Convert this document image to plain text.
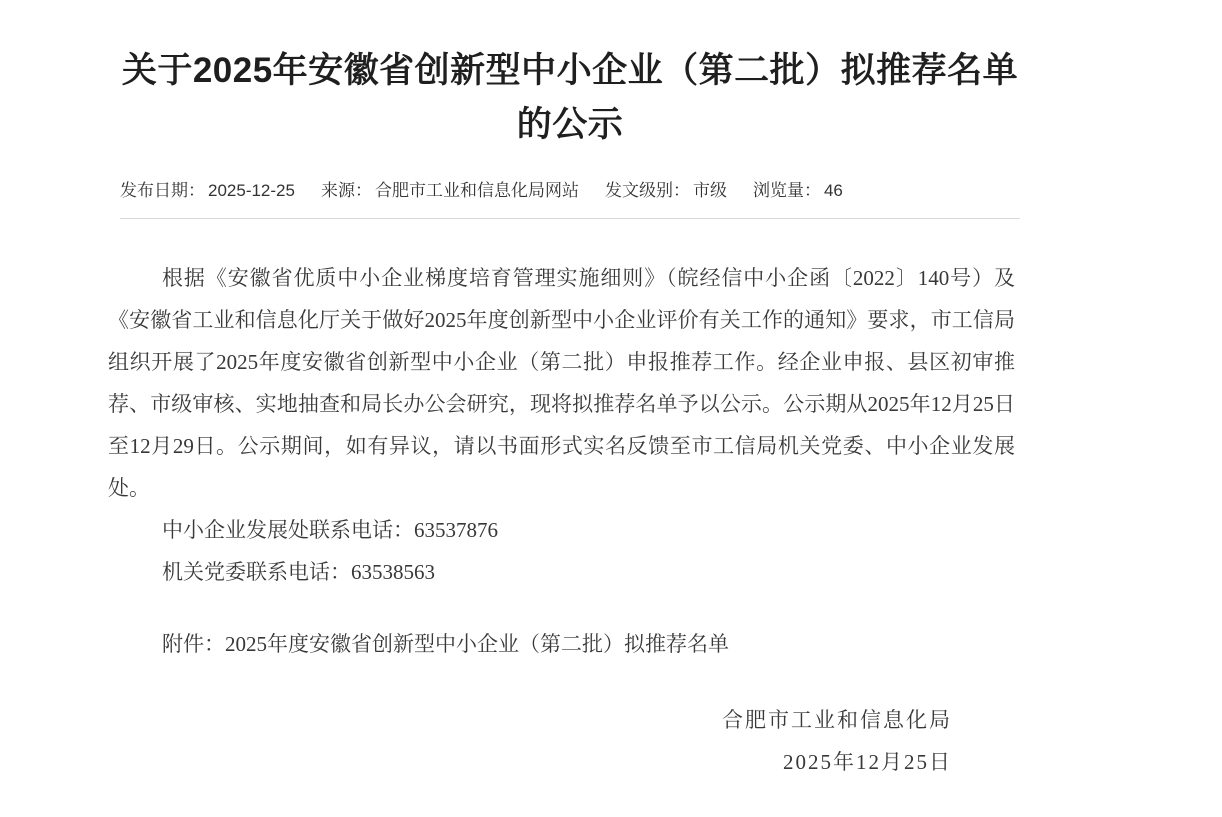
关于2025年安徽省创新型中小企业（第二批）拟推荐名单的公示
发布日期： 2025-12-25 来源： 合肥市工业和信息化局网站 发文级别： 市级 浏览量： 46

根据《安徽省优质中小企业梯度培育管理实施细则》（皖经信中小企函〔2022〕140号）及《安徽省工业和信息化厅关于做好2025年度创新型中小企业评价有关工作的通知》要求，市工信局组织开展了2025年度安徽省创新型中小企业（第二批）申报推荐工作。经企业申报、县区初审推荐、市级审核、实地抽查和局长办公会研究，现将拟推荐名单予以公示。公示期从2025年12月25日至12月29日。公示期间，如有异议，请以书面形式实名反馈至市工信局机关党委、中小企业发展处。

中小企业发展处联系电话：63537876

机关党委联系电话：63538563

附件：2025年度安徽省创新型中小企业（第二批）拟推荐名单

合肥市工业和信息化局

2025年12月25日
